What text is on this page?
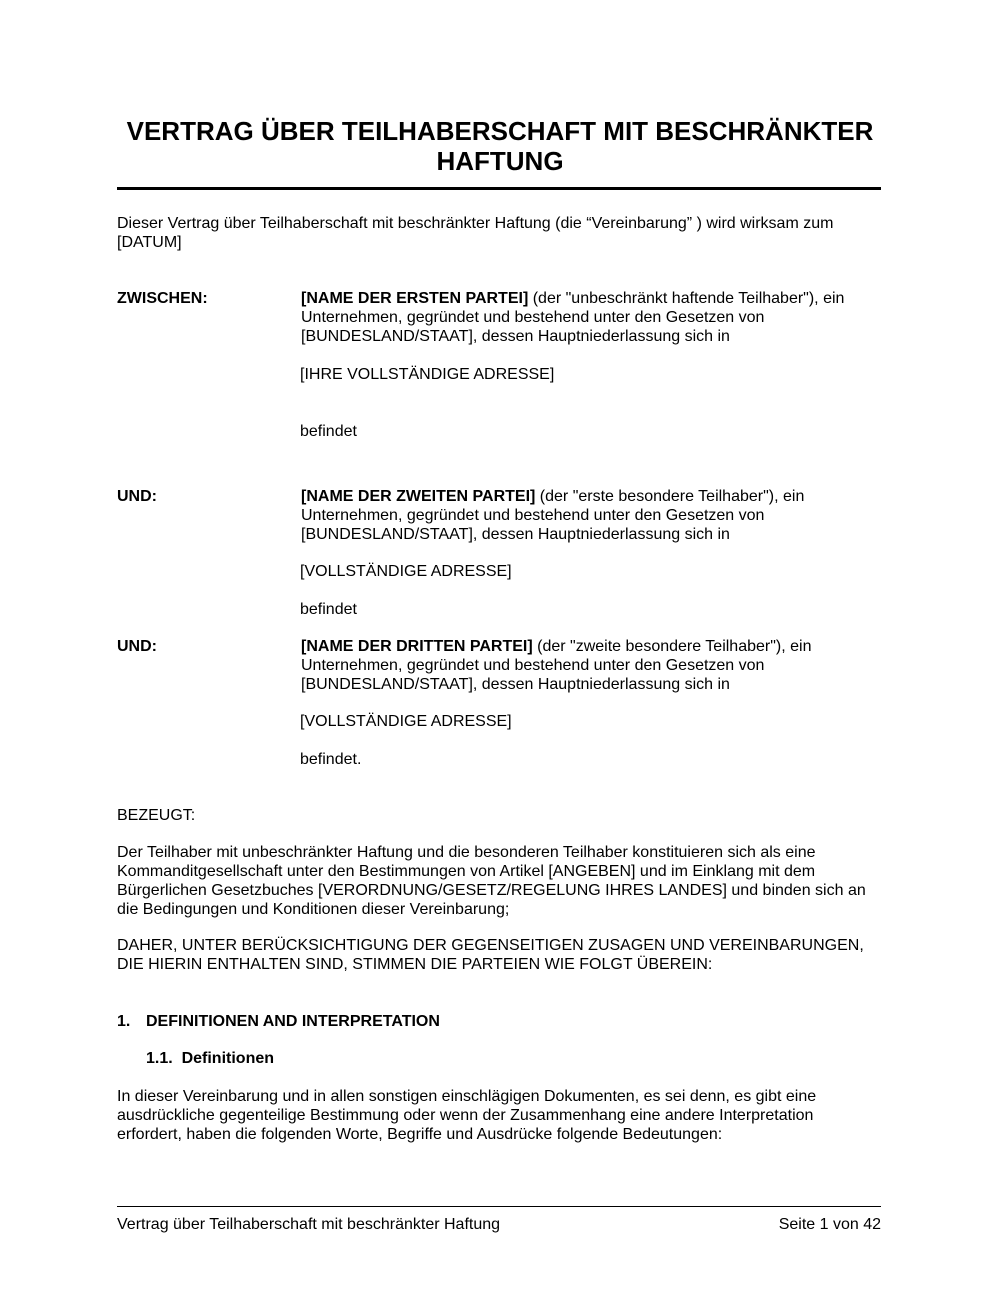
VERTRAG ÜBER TEILHABERSCHAFT MIT BESCHRÄNKTER
HAFTUNG
Dieser Vertrag über Teilhaberschaft mit beschränkter Haftung (die “Vereinbarung” ) wird wirksam zum [DATUM]
ZWISCHEN:	[NAME DER ERSTEN PARTEI] (der "unbeschränkt haftende Teilhaber"), ein
Unternehmen, gegründet und bestehend unter den Gesetzen von [BUNDESLAND/STAAT], dessen Hauptniederlassung sich in
[IHRE VOLLSTÄNDIGE ADRESSE]
befindet
UND:	[NAME DER ZWEITEN PARTEI] (der "erste besondere Teilhaber"), ein
Unternehmen, gegründet und bestehend unter den Gesetzen von [BUNDESLAND/STAAT], dessen Hauptniederlassung sich in
[VOLLSTÄNDIGE ADRESSE]
befindet
UND:	[NAME DER DRITTEN PARTEI] (der "zweite besondere Teilhaber"), ein
Unternehmen, gegründet und bestehend unter den Gesetzen von [BUNDESLAND/STAAT], dessen Hauptniederlassung sich in
[VOLLSTÄNDIGE ADRESSE]
befindet.
BEZEUGT:
Der Teilhaber mit unbeschränkter Haftung und die besonderen Teilhaber konstituieren sich als eine Kommanditgesellschaft unter den Bestimmungen von Artikel [ANGEBEN] und im Einklang mit dem Bürgerlichen Gesetzbuches [VERORDNUNG/GESETZ/REGELUNG IHRES LANDES] und binden sich an die Bedingungen und Konditionen dieser Vereinbarung;
DAHER, UNTER BERÜCKSICHTIGUNG DER GEGENSEITIGEN ZUSAGEN UND VEREINBARUNGEN, DIE HIERIN ENTHALTEN SIND, STIMMEN DIE PARTEIEN WIE FOLGT ÜBEREIN:
1. DEFINITIONEN AND INTERPRETATION
1.1.  Definitionen
In dieser Vereinbarung und in allen sonstigen einschlägigen Dokumenten, es sei denn, es gibt eine ausdrückliche gegenteilige Bestimmung oder wenn der Zusammenhang eine andere Interpretation erfordert, haben die folgenden Worte, Begriffe und Ausdrücke folgende Bedeutungen:
Vertrag über Teilhaberschaft mit beschränkter Haftung	Seite 1 von 42
